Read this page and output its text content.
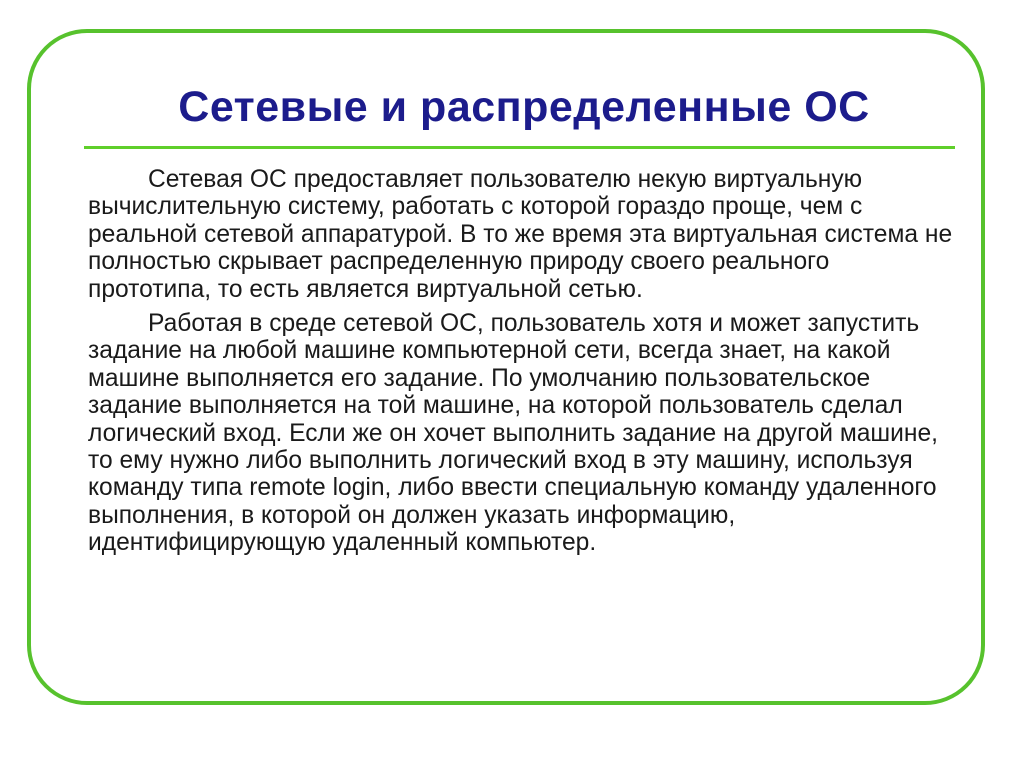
Сетевые и распределенные ОС

Сетевая ОС предоставляет пользователю некую виртуальную вычислительную систему, работать с которой гораздо проще, чем с реальной сетевой аппаратурой. В то же время эта виртуальная система не полностью скрывает распределенную природу своего реального прототипа, то есть является виртуальной сетью.

Работая в среде сетевой ОС, пользователь хотя и может запустить задание на любой машине компьютерной сети, всегда знает, на какой машине выполняется его задание. По умолчанию пользовательское задание выполняется на той машине, на которой пользователь сделал логический вход. Если же он хочет выполнить задание на другой машине, то ему нужно либо выполнить логический вход в эту машину, используя команду типа remote login, либо ввести специальную команду удаленного выполнения, в которой он должен указать информацию, идентифицирующую удаленный компьютер.
